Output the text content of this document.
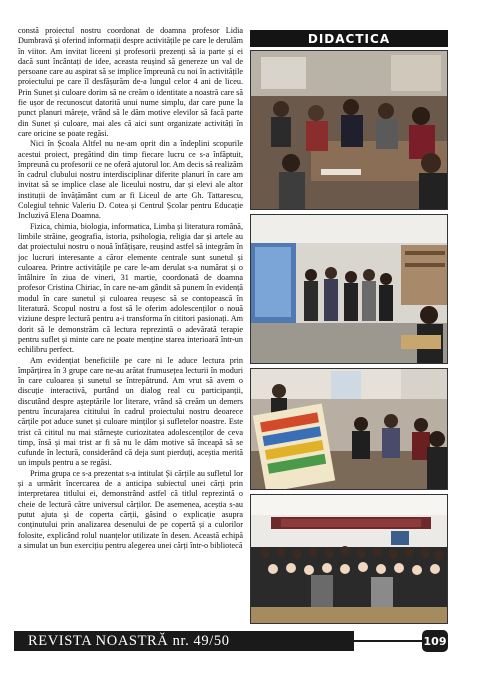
constă proiectul nostru coordonat de doamna profesor Lidia Dumbravă și oferind informații despre activitățile pe care le derulăm în viitor. Am invitat liceeni și profesorii prezenți să ia parte și ei dacă sunt încântați de idee, aceasta reușind să genereze un val de persoane care au aspirat să se implice împreună cu noi în activitățile proiectului pe care îl desfășurăm de-a lungul celor 4 ani de liceu. Prin Sunet și culoare dorim să ne creăm o identitate a noastră care să fie ușor de recunoscut datorită unui nume simplu, dar care pune la punct planuri mărețe, vrând să le dăm motive elevilor să facă parte din Sunet și culoare, mai ales că aici sunt organizate activități în care oricine se poate regăsi.

Nici în Școala Altfel nu ne-am oprit din a îndeplini scopurile acestui proiect, pregătind din timp fiecare lucru ce s-a înfăptuit, împreună cu profesorii ce ne oferă ajutorul lor. Am decis să realizăm în cadrul clubului nostru interdisciplinar diferite planuri în care am invitat să se implice clase ale liceului nostru, dar și elevi ale altor instituții de învățământ cum ar fi Liceul de arte Gh. Tattarescu, Colegiul tehnic Valeriu D. Cotea și Centrul Școlar pentru Educație Incluzivă Elena Doamna.

Fizica, chimia, biologia, informatica, Limba și literatura română, limbile străine, geografia, istoria, psihologia, religia dar și artele au dat proiectului nostru o nouă înfățișare, reușind astfel să integrăm în joc lucruri interesante a căror elemente centrale sunt sunetul și culoarea. Printre activitățile pe care le-am derulat s-a numărat și o întâlnire în ziua de vineri, 31 martie, coordonată de doamna profesor Cristina Chiriac, în care ne-am gândit să punem în evidență modul în care sunetul și culoarea reușesc să se contopească în literatură. Scopul nostru a fost să le oferim adolescenților o nouă viziune despre lectură pentru a-i transforma în cititori pasionați. Am dorit să le demonstrăm că lectura reprezintă o adevărată terapie pentru suflet și minte care ne poate menține starea interioară într-un echilibru perfect.

Am evidențiat beneficiile pe care ni le aduce lectura prin împărțirea în 3 grupe care ne-au arătat frumusețea lecturii în moduri în care culoarea și sunetul se întrepătrund. Am vrut să avem o discuție interactivă, purtând un dialog real cu participanții, discutând despre așteptările lor literare, vrând să creăm un demers pentru încurajarea cititului în cadrul proiectului nostru deoarece cărțile pot aduce sunet și culoare minților și sufletelor noastre. Este trist că cititul nu mai stârnește curiozitatea adolescenților de ceva timp, însă și mai trist ar fi să nu le dăm motive să înceapă să se cufunde în lectură, considerând că deja sunt pierduți, aceștia merită un impuls pentru a se regăsi.

Prima grupa ce s-a prezentat s-a intitulat Și cărțile au sufletul lor și a urmărit încercarea de a anticipa subiectul unei cărți prin interpretarea titlului ei, demonstrând astfel că titlul reprezintă o cheie de lectură către universul cărților. De asemenea, aceștia s-au putut ajuta și de coperta cărții, găsind o explicație asupra conținutului prin analizarea desenului de pe copertă și a culorilor folosite, explicând rolul nuanțelor utilizate în desen. Această echipă a simulat un bun exercițiu pentru alegerea unei cărți într-o bibliotecă

DIDACTICA
REVISTA NOASTRĂ nr. 49/50	109
